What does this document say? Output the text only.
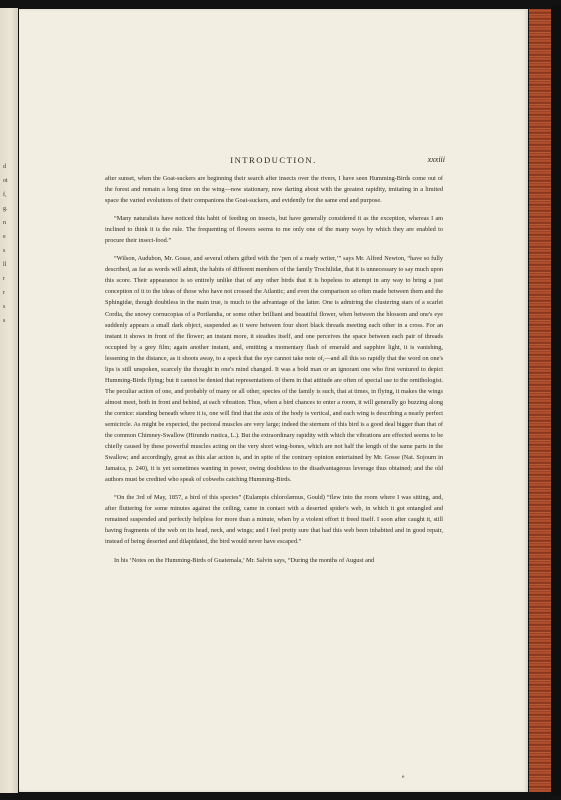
d
ot
f,
g.
n
e
s
ll
r
r
s
s
INTRODUCTION.	xxxiii

after sunset, when the Goat-suckers are beginning their search after insects over the rivers, I have seen Humming-Birds come out of the forest and remain a long time on the wing—now stationary, now darting about with the greatest rapidity, imitating in a limited space the varied evolutions of their companions the Goat-suckers, and evidently for the same end and purpose.

“Many naturalists have noticed this habit of feeding on insects, but have generally considered it as the exception, whereas I am inclined to think it is the rule. The frequenting of flowers seems to me only one of the many ways by which they are enabled to procure their insect-food.”

“Wilson, Audubon, Mr. Gosse, and several others gifted with the ‘pen of a ready writer,’” says Mr. Alfred Newton, “have so fully described, as far as words will admit, the habits of different members of the family Trochilidæ, that it is unnecessary to say much upon this score. Their appearance is so entirely unlike that of any other birds that it is hopeless to attempt in any way to bring a just conception of it to the ideas of those who have not crossed the Atlantic; and even the comparison so often made between them and the Sphingidæ, though doubtless in the main true, is much to the advantage of the latter. One is admiring the clustering stars of a scarlet Cordia, the snowy cornucopias of a Portlandia, or some other brilliant and beautiful flower, when between the blossom and one's eye suddenly appears a small dark object, suspended as it were between four short black threads meeting each other in a cross. For an instant it shows in front of the flower; an instant more, it steadies itself, and one perceives the space between each pair of threads occupied by a grey film; again another instant, and, emitting a momentary flash of emerald and sapphire light, it is vanishing, lessening in the distance, as it shoots away, to a speck that the eye cannot take note of,—and all this so rapidly that the word on one's lips is still unspoken, scarcely the thought in one's mind changed. It was a bold man or an ignorant one who first ventured to depict Humming-Birds flying; but it cannot be denied that representations of them in that attitude are often of special use to the ornithologist. The peculiar action of one, and probably of many or all other, species of the family is such, that at times, in flying, it makes the wings almost meet, both in front and behind, at each vibration. Thus, when a bird chances to enter a room, it will generally go buzzing along the cornice: standing beneath where it is, one will find that the axis of the body is vertical, and each wing is describing a nearly perfect semicircle. As might be expected, the pectoral muscles are very large; indeed the sternum of this bird is a good deal bigger than that of the common Chimney-Swallow (Hirundo rustica, L.). But the extraordinary rapidity with which the vibrations are effected seems to be chiefly caused by these powerful muscles acting on the very short wing-bones, which are not half the length of the same parts in the Swallow; and accordingly, great as this alar action is, and in spite of the contrary opinion entertained by Mr. Gosse (Nat. Sojourn in Jamaica, p. 240), it is yet sometimes wanting in power, owing doubtless to the disadvantageous leverage thus obtained; and the old authors must be credited who speak of cobwebs catching Humming-Birds.

“On the 3rd of May, 1857, a bird of this species” (Eulampis chlorolæmus, Gould) “flew into the room where I was sitting, and, after fluttering for some minutes against the ceiling, came in contact with a deserted spider's web, in which it got entangled and remained suspended and perfectly helpless for more than a minute, when by a violent effort it freed itself. I soon after caught it, still having fragments of the web on its head, neck, and wings; and I feel pretty sure that had this web been inhabited and in good repair, instead of being deserted and dilapidated, the bird would never have escaped.”

In his ‘Notes on the Humming-Birds of Guatemala,’ Mr. Salvin says, “During the months of August and

e
